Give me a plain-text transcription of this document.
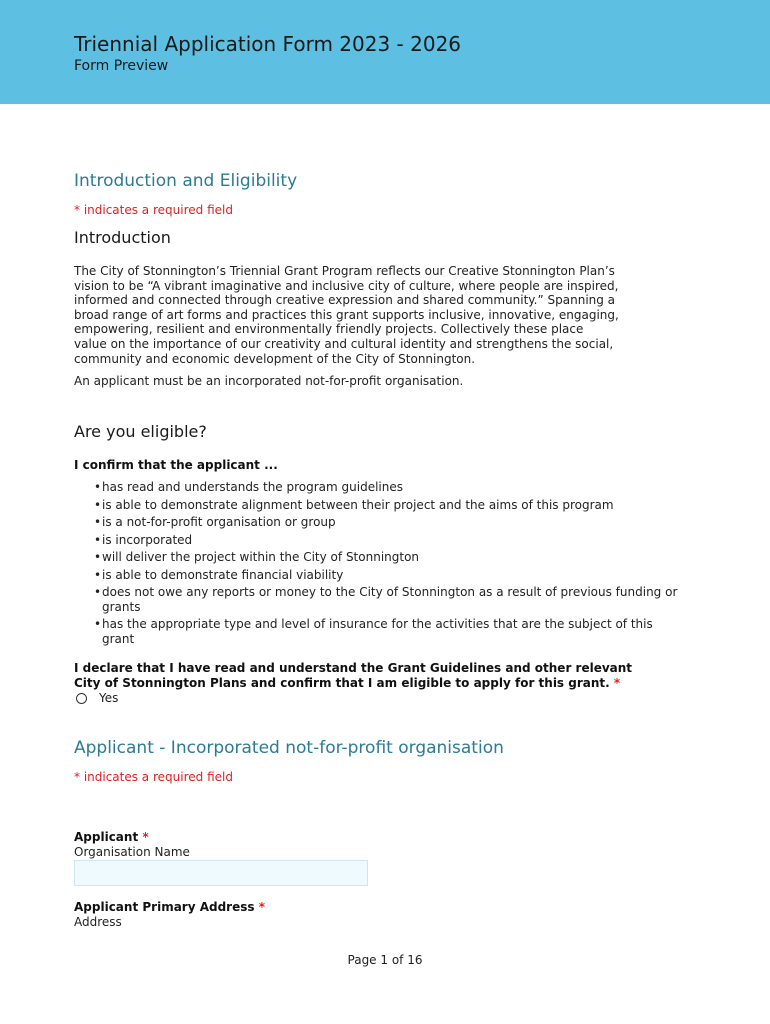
Triennial Application Form 2023 - 2026
Form Preview
Introduction and Eligibility
* indicates a required field
Introduction
The City of Stonnington’s Triennial Grant Program reflects our Creative Stonnington Plan’s
vision to be “A vibrant imaginative and inclusive city of culture, where people are inspired,
informed and connected through creative expression and shared community.” Spanning a
broad range of art forms and practices this grant supports inclusive, innovative, engaging,
empowering, resilient and environmentally friendly projects. Collectively these place
value on the importance of our creativity and cultural identity and strengthens the social,
community and economic development of the City of Stonnington.
An applicant must be an incorporated not-for-profit organisation.
Are you eligible?
I confirm that the applicant ...
• has read and understands the program guidelines
• is able to demonstrate alignment between their project and the aims of this program
• is a not-for-profit organisation or group
• is incorporated
• will deliver the project within the City of Stonnington
• is able to demonstrate financial viability
• does not owe any reports or money to the City of Stonnington as a result of previous funding or grants
• has the appropriate type and level of insurance for the activities that are the subject of this grant
I declare that I have read and understand the Grant Guidelines and other relevant
City of Stonnington Plans and confirm that I am eligible to apply for this grant. *
Yes
Applicant - Incorporated not-for-profit organisation
* indicates a required field
Applicant *
Organisation Name
Applicant Primary Address *
Address
Page 1 of 16
